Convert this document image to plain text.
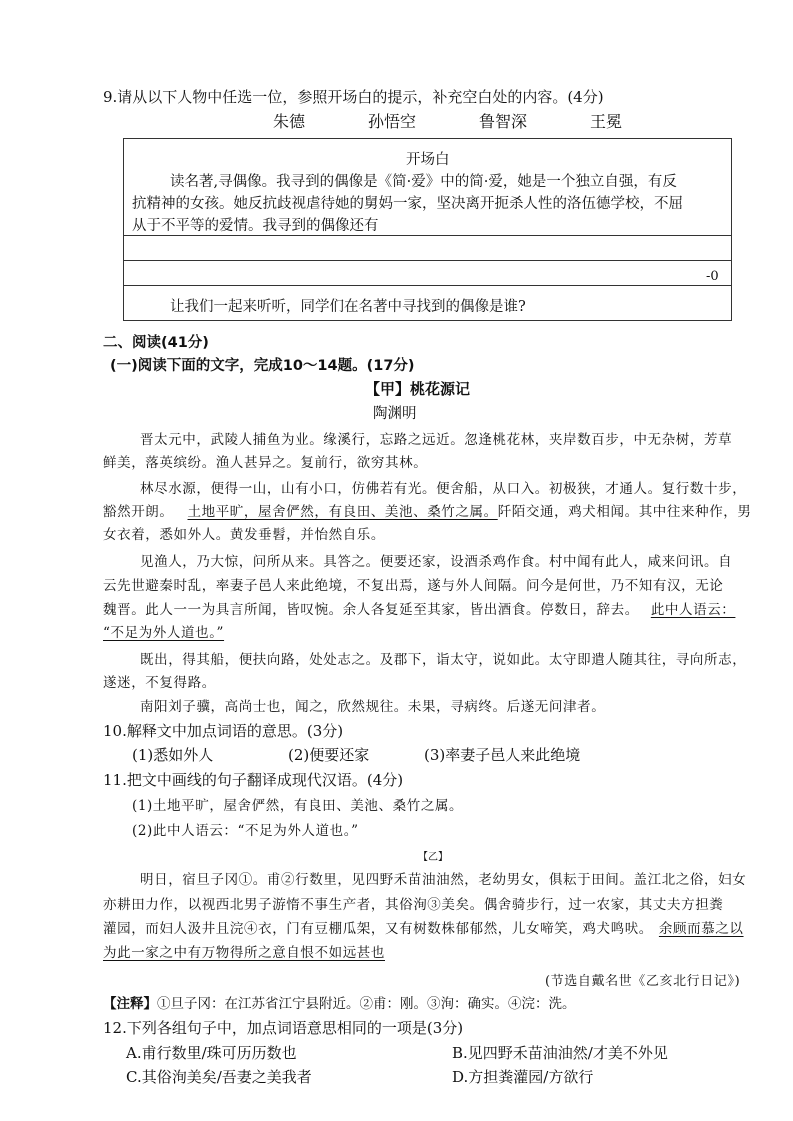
9.请从以下人物中任选一位，参照开场白的提示，补充空白处的内容。(4分)
朱德	孙悟空	鲁智深	王冕
开场白
读名著,寻偶像。我寻到的偶像是《简·爱》中的简·爱，她是一个独立自强，有反
抗精神的女孩。她反抗歧视虐待她的舅妈一家，坚决离开扼杀人性的洛伍德学校，不屈
从于不平等的爱情。我寻到的偶像还有
-0
让我们一起来听听，同学们在名著中寻找到的偶像是谁?
二、阅读(41分)
(一)阅读下面的文字，完成10～14题。(17分)
【甲】桃花源记
陶渊明
晋太元中，武陵人捕鱼为业。缘溪行，忘路之远近。忽逢桃花林，夹岸数百步，中无杂树，芳草
鲜美，落英缤纷。渔人甚异之。复前行，欲穷其林。
林尽水源，便得一山，山有小口，仿佛若有光。便舍船，从口入。初极狭，才通人。复行数十步，
豁然开朗。 土地平旷，屋舍俨然，有良田、美池、桑竹之属。阡陌交通，鸡犬相闻。其中往来种作，男
女衣着，悉如外人。黄发垂髫，并怡然自乐。
见渔人，乃大惊，问所从来。具答之。便要还家，设酒杀鸡作食。村中闻有此人，咸来问讯。自
云先世避秦时乱，率妻子邑人来此绝境，不复出焉，遂与外人间隔。问今是何世，乃不知有汉，无论
魏晋。此人一一为具言所闻，皆叹惋。余人各复延至其家，皆出酒食。停数日，辞去。 此中人语云：
“不足为外人道也。”
既出，得其船，便扶向路，处处志之。及郡下，诣太守，说如此。太守即遣人随其往，寻向所志，
遂迷，不复得路。
南阳刘子骥，高尚士也，闻之，欣然规往。未果，寻病终。后遂无问津者。
10.解释文中加点词语的意思。(3分)
(1)悉如外人	(2)便要还家	(3)率妻子邑人来此绝境
11.把文中画线的句子翻译成现代汉语。(4分)
(1)土地平旷，屋舍俨然，有良田、美池、桑竹之属。
(2)此中人语云：“不足为外人道也。”
【乙】
明日，宿旦子冈①。甫②行数里，见四野禾苗油油然，老幼男女，俱耘于田间。盖江北之俗，妇女
亦耕田力作，以视西北男子游惰不事生产者，其俗洵③美矣。偶舍骑步行，过一农家，其丈夫方担粪
灌园，而妇人汲井且浣④衣，门有豆棚瓜架，又有树数株郁郁然，儿女啼笑，鸡犬鸣吠。 余顾而慕之以
为此一家之中有万物得所之意自恨不如远甚也
(节选自戴名世《乙亥北行日记》)
【注释】①旦子冈：在江苏省江宁县附近。②甫：刚。③洵：确实。④浣：洗。
12.下列各组句子中，加点词语意思相同的一项是(3分)
A.甫行数里/珠可历历数也	B.见四野禾苗油油然/才美不外见
C.其俗洵美矣/吾妻之美我者	D.方担粪灌园/方欲行
